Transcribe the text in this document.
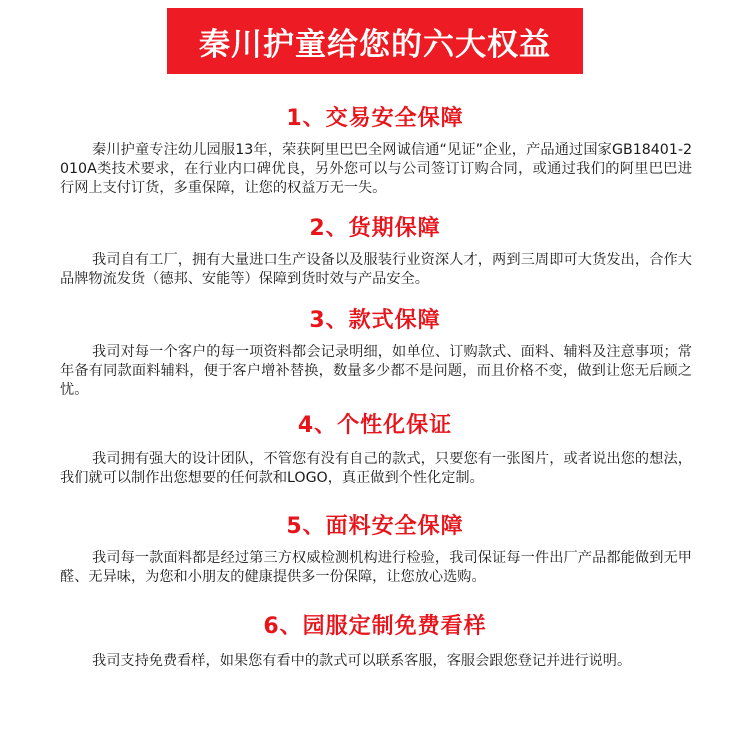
秦川护童给您的六大权益
1、交易安全保障

秦川护童专注幼儿园服13年，荣获阿里巴巴全网诚信通“见证”企业，产品通过国家GB18401-2010A类技术要求，在行业内口碑优良，另外您可以与公司签订订购合同，或通过我们的阿里巴巴进行网上支付订货，多重保障，让您的权益万无一失。

2、货期保障

我司自有工厂，拥有大量进口生产设备以及服装行业资深人才，两到三周即可大货发出，合作大品牌物流发货（德邦、安能等）保障到货时效与产品安全。

3、款式保障

我司对每一个客户的每一项资料都会记录明细，如单位、订购款式、面料、辅料及注意事项；常年备有同款面料辅料，便于客户增补替换，数量多少都不是问题，而且价格不变，做到让您无后顾之忧。

4、个性化保证

我司拥有强大的设计团队，不管您有没有自己的款式，只要您有一张图片，或者说出您的想法，我们就可以制作出您想要的任何款和LOGO，真正做到个性化定制。

5、面料安全保障

我司每一款面料都是经过第三方权威检测机构进行检验，我司保证每一件出厂产品都能做到无甲醛、无异味，为您和小朋友的健康提供多一份保障，让您放心选购。

6、园服定制免费看样

我司支持免费看样，如果您有看中的款式可以联系客服，客服会跟您登记并进行说明。
